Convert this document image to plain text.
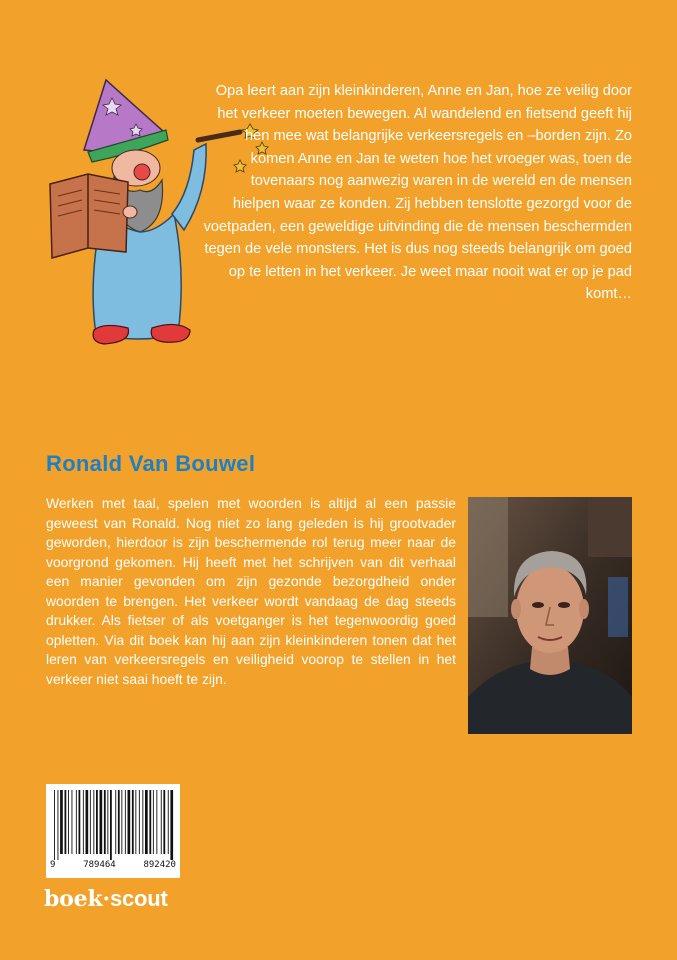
Opa leert aan zijn kleinkinderen, Anne en Jan, hoe ze veilig door het verkeer moeten bewegen. Al wandelend en fietsend geeft hij hen mee wat belangrijke verkeersregels en –borden zijn. Zo komen Anne en Jan te weten hoe het vroeger was, toen de tovenaars nog aanwezig waren in de wereld en de mensen hielpen waar ze konden. Zij hebben tenslotte gezorgd voor de voetpaden, een geweldige uitvinding die de mensen beschermden tegen de vele monsters. Het is dus nog steeds belangrijk om goed op te letten in het verkeer. Je weet maar nooit wat er op je pad komt…

Ronald Van Bouwel

Werken met taal, spelen met woorden is altijd al een passie geweest van Ronald. Nog niet zo lang geleden is hij grootvader geworden, hierdoor is zijn beschermende rol terug meer naar de voorgrond gekomen. Hij heeft met het schrijven van dit verhaal een manier gevonden om zijn gezonde bezorgdheid onder woorden te brengen. Het verkeer wordt vandaag de dag steeds drukker. Als fietser of als voetganger is het tegenwoordig goed opletten. Via dit boek kan hij aan zijn kleinkinderen tonen dat het leren van verkeersregels en veiligheid voorop te stellen in het verkeer niet saai hoeft te zijn.

9	789464	892420
boek·scout
